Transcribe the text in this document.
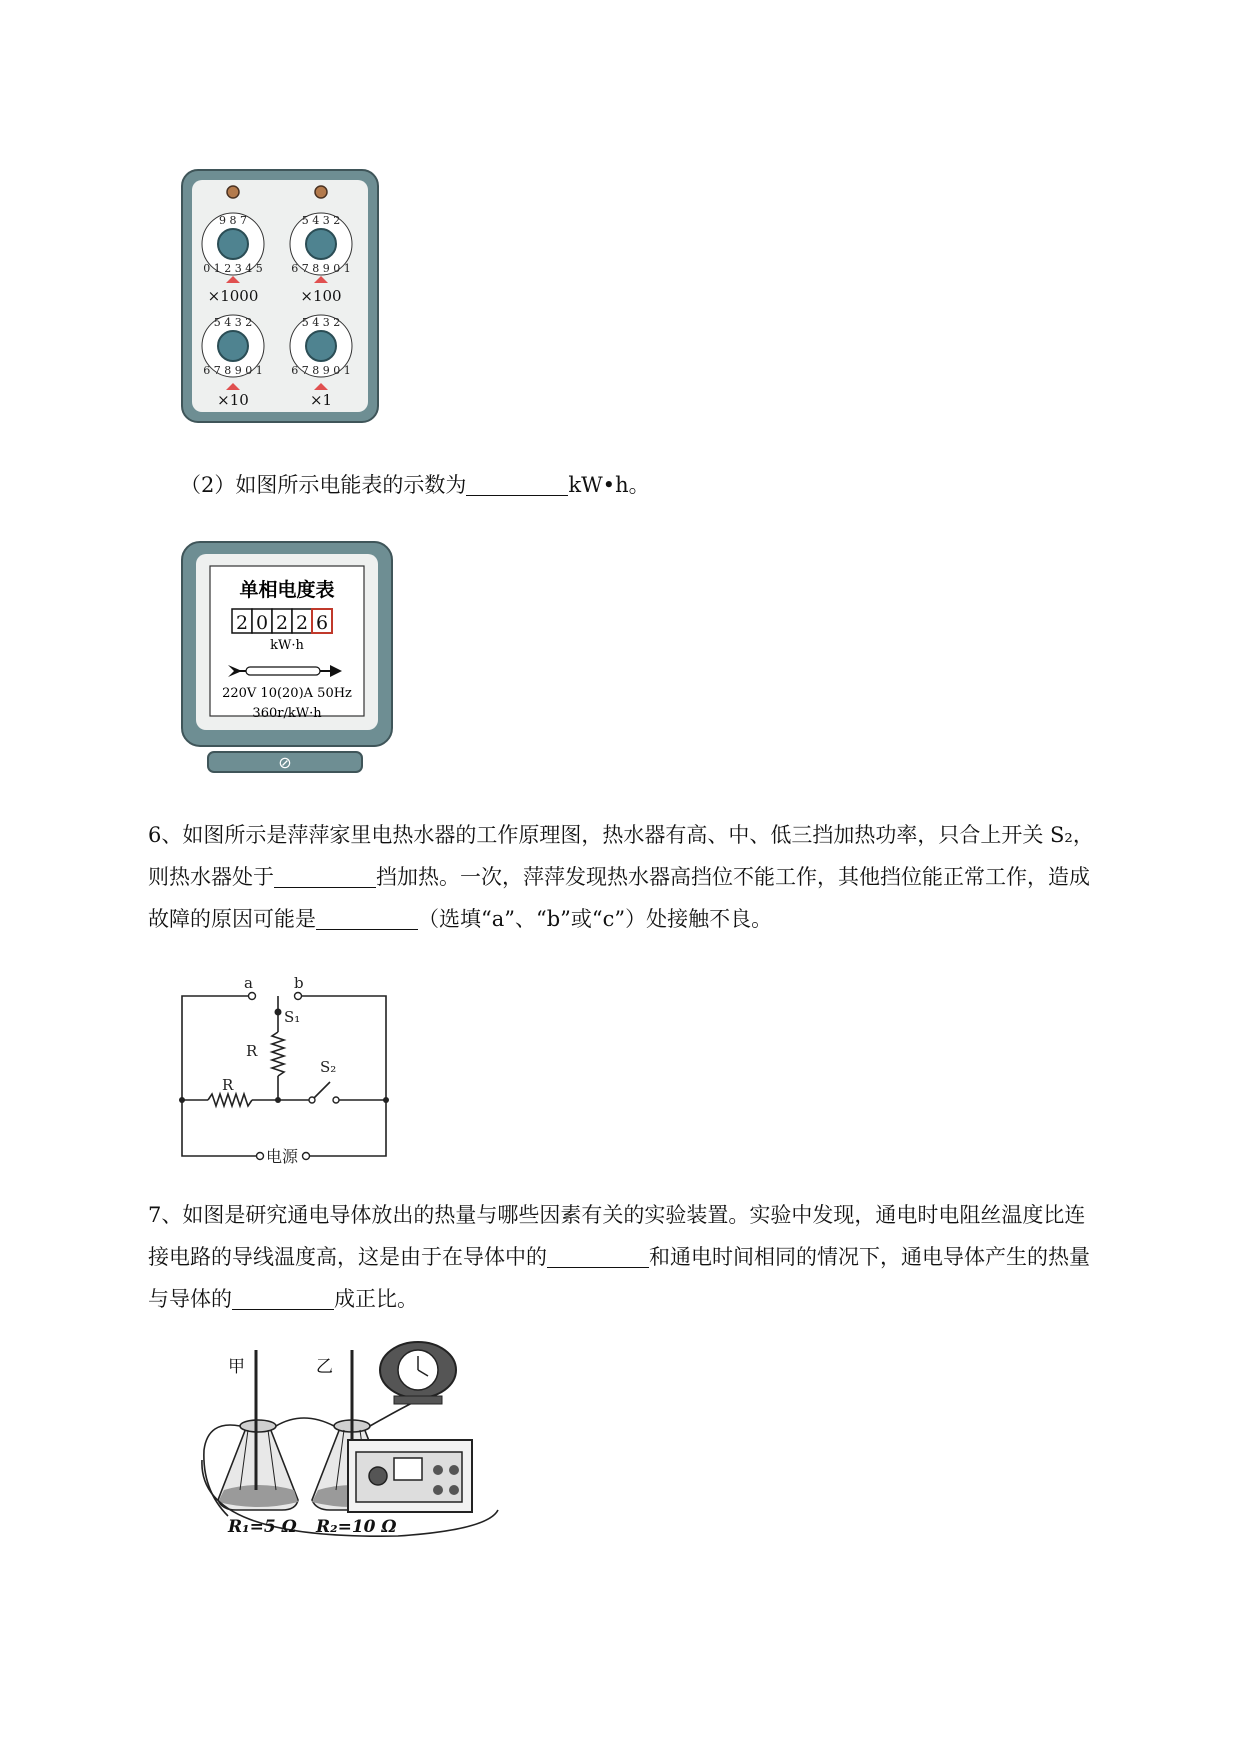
9 8 7
0 1 2 3 4 5
5 4 3 2
6 7 8 9 0 1
5 4 3 2
6 7 8 9 0 1
5 4 3 2
6 7 8 9 0 1
×1000	×100
×10	×1
（2）如图所示电能表的示数为	kW•h。
单相电度表
2 0 2 2 6
kW·h
220V 10(20)A 50Hz
360r/kW·h
⊘
6、如图所示是萍萍家里电热水器的工作原理图，热水器有高、中、低三挡加热功率，只合上开关 S₂，
则热水器处于	挡加热。一次，萍萍发现热水器高挡位不能工作，其他挡位能正常工作，造成
故障的原因可能是	（选填“a”、“b”或“c”）处接触不良。
a	b
S₁
S₂
R
R
电源
7、如图是研究通电导体放出的热量与哪些因素有关的实验装置。实验中发现，通电时电阻丝温度比连
接电路的导线温度高，这是由于在导体中的	和通电时间相同的情况下，通电导体产生的热量
与导体的	成正比。
甲	乙
R₁=5 Ω R₂=10 Ω
